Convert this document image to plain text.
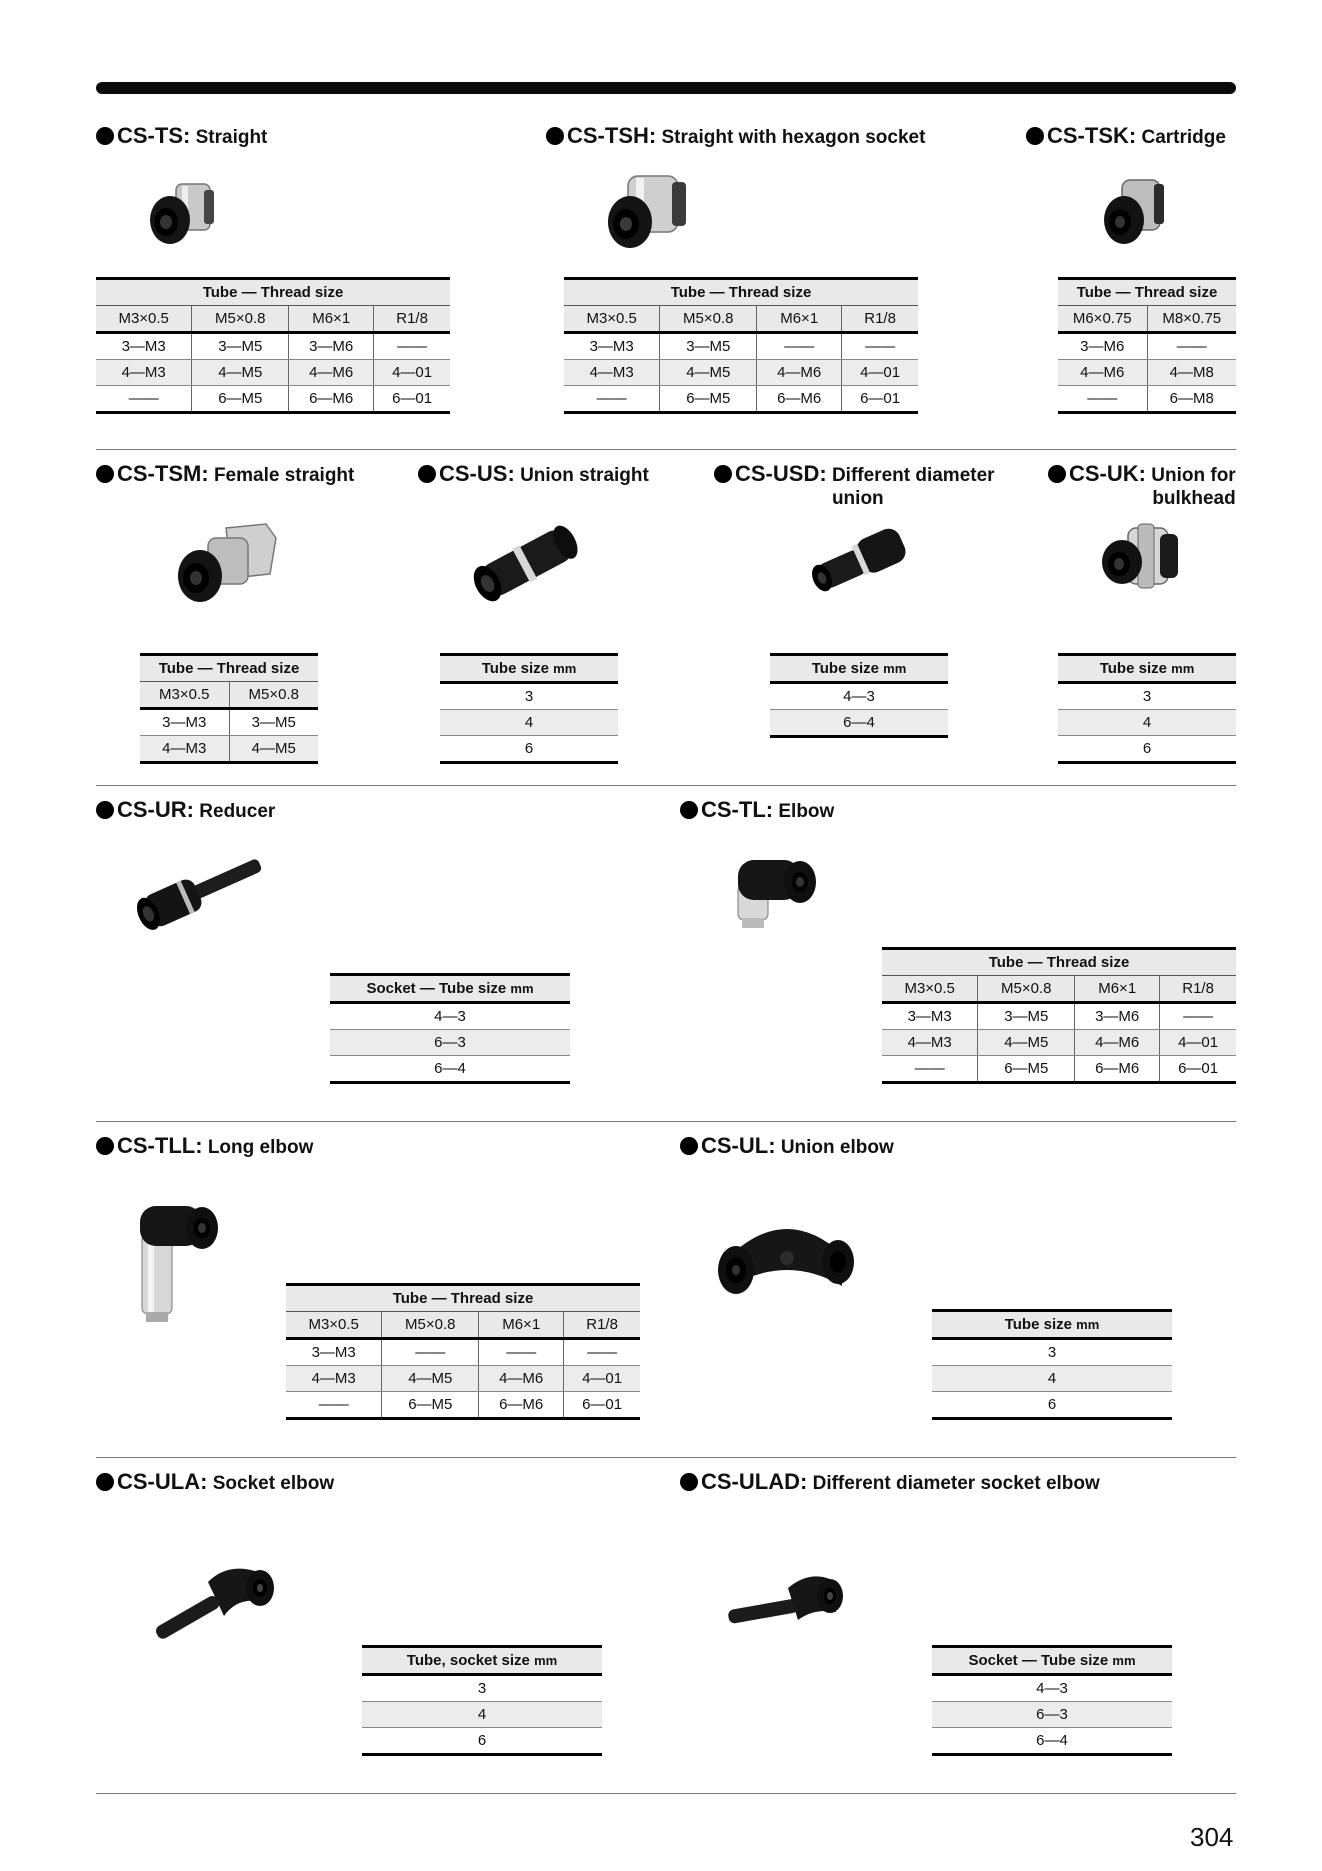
CS-TS: Straight	CS-TSH: Straight with hexagon socket	CS-TSK: Cartridge
Tube — Thread size			
M3×0.5	M5×0.8	M6×1	R1/8
3—M3	3—M5	3—M6	――
4—M3	4—M5	4—M6	4—01
――	6—M5	6—M6	6—01
Tube — Thread size			
M3×0.5	M5×0.8	M6×1	R1/8
3—M3	3—M5	――	――
4—M3	4—M5	4—M6	4—01
――	6—M5	6—M6	6—01
Tube — Thread size	
M6×0.75	M8×0.75
3—M6	――
4—M6	4—M8
――	6—M8
CS-TSM: Female straight	CS-US: Union straight	CS-USD: Different diameter
union
CS-UK: Union for
bulkhead
Tube — Thread size	
M3×0.5	M5×0.8
3—M3	3—M5
4—M3	4—M5
Tube size mm
3
4
6
Tube size mm
4—3
6—4
Tube size mm
3
4
6
CS-UR: Reducer	CS-TL: Elbow
Socket — Tube size mm
4—3
6—3
6—4
Tube — Thread size			
M3×0.5	M5×0.8	M6×1	R1/8
3—M3	3—M5	3—M6	――
4—M3	4—M5	4—M6	4—01
――	6—M5	6—M6	6—01
CS-TLL: Long elbow	CS-UL: Union elbow
Tube — Thread size			
M3×0.5	M5×0.8	M6×1	R1/8
3—M3	――	――	――
4—M3	4—M5	4—M6	4—01
――	6—M5	6—M6	6—01
Tube size mm
3
4
6
CS-ULA: Socket elbow	CS-ULAD: Different diameter socket elbow
Tube, socket size mm
3
4
6
Socket — Tube size mm
4—3
6—3
6—4
304
